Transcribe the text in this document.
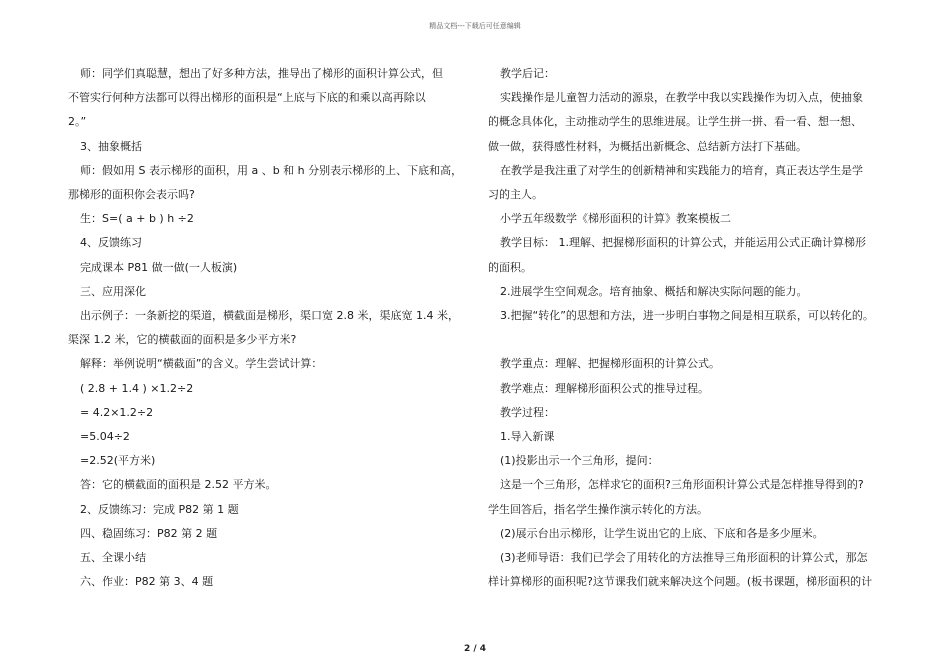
精品文档---下载后可任意编辑

师：同学们真聪慧，想出了好多种方法，推导出了梯形的面积计算公式，但

不管实行何种方法都可以得出梯形的面积是“上底与下底的和乘以高再除以

2。”

3、抽象概括

师：假如用 S 表示梯形的面积，用 a 、b 和 h 分别表示梯形的上、下底和高，

那梯形的面积你会表示吗?

生：S=( a + b ) h ÷2

4、反馈练习

完成课本 P81 做一做(一人板演)

三、应用深化

出示例子：一条新挖的渠道，横截面是梯形，渠口宽 2.8 米，渠底宽 1.4 米，

渠深 1.2 米，它的横截面的面积是多少平方米?

解释：举例说明“横截面”的含义。学生尝试计算：

( 2.8 + 1.4 ) ×1.2÷2

= 4.2×1.2÷2

=5.04÷2

=2.52(平方米)

答：它的横截面的面积是 2.52 平方米。

2、反馈练习：完成 P82 第 1 题

四、稳固练习：P82 第 2 题

五、全课小结

六、作业：P82 第 3、4 题

教学后记：

实践操作是儿童智力活动的源泉，在教学中我以实践操作为切入点，使抽象

的概念具体化，主动推动学生的思维进展。让学生拼一拼、看一看、想一想、

做一做，获得感性材料，为概括出新概念、总结新方法打下基础。

在教学是我注重了对学生的创新精神和实践能力的培育，真正表达学生是学

习的主人。

小学五年级数学《梯形面积的计算》教案模板二

教学目标： 1.理解、把握梯形面积的计算公式，并能运用公式正确计算梯形

的面积。

2.进展学生空间观念。培育抽象、概括和解决实际问题的能力。

3.把握“转化”的思想和方法，进一步明白事物之间是相互联系，可以转化的。

教学重点：理解、把握梯形面积的计算公式。

教学难点：理解梯形面积公式的推导过程。

教学过程：

1.导入新课

(1)投影出示一个三角形，提问：

这是一个三角形，怎样求它的面积?三角形面积计算公式是怎样推导得到的?

学生回答后，指名学生操作演示转化的方法。

(2)展示台出示梯形，让学生说出它的上底、下底和各是多少厘米。

(3)老师导语：我们已学会了用转化的方法推导三角形面积的计算公式，那怎

样计算梯形的面积呢?这节课我们就来解决这个问题。(板书课题，梯形面积的计

2 / 4
